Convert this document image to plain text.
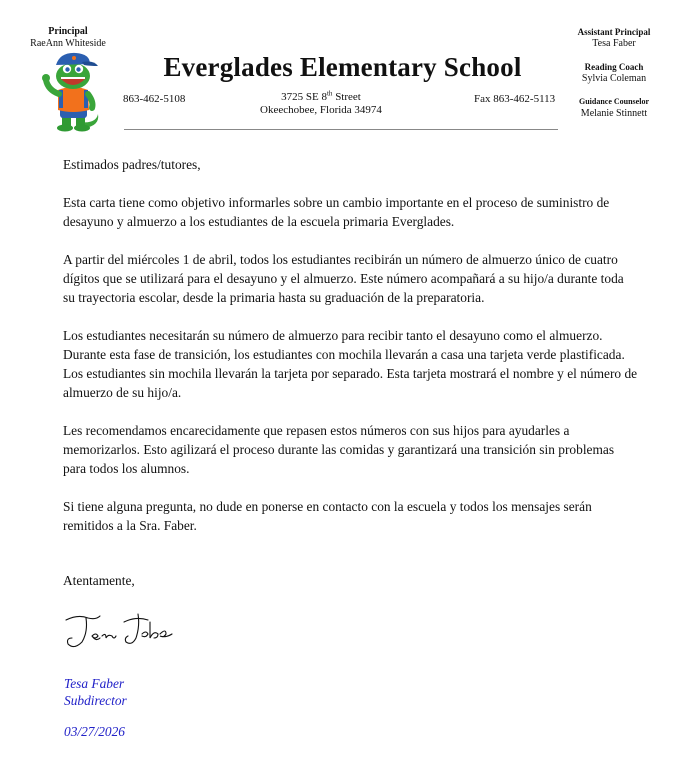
Principal
RaeAnn Whiteside
Everglades Elementary School
863-462-5108	3725 SE 8th Street
Okeechobee, Florida 34974
Fax 863-462-5113
Assistant Principal
Tesa Faber
Reading Coach
Sylvia Coleman
Guidance Counselor
Melanie Stinnett

Estimados padres/tutores,

Esta carta tiene como objetivo informarles sobre un cambio importante en el proceso de suministro de desayuno y almuerzo a los estudiantes de la escuela primaria Everglades.

A partir del miércoles 1 de abril, todos los estudiantes recibirán un número de almuerzo único de cuatro dígitos que se utilizará para el desayuno y el almuerzo. Este número acompañará a su hijo/a durante toda su trayectoria escolar, desde la primaria hasta su graduación de la preparatoria.

Los estudiantes necesitarán su número de almuerzo para recibir tanto el desayuno como el almuerzo. Durante esta fase de transición, los estudiantes con mochila llevarán a casa una tarjeta verde plastificada. Los estudiantes sin mochila llevarán la tarjeta por separado. Esta tarjeta mostrará el nombre y el número de almuerzo de su hijo/a.

Les recomendamos encarecidamente que repasen estos números con sus hijos para ayudarles a memorizarlos. Esto agilizará el proceso durante las comidas y garantizará una transición sin problemas para todos los alumnos.

Si tiene alguna pregunta, no dude en ponerse en contacto con la escuela y todos los mensajes serán remitidos a la Sra. Faber.

Atentamente,
Tesa Faber
Subdirector
03/27/2026
